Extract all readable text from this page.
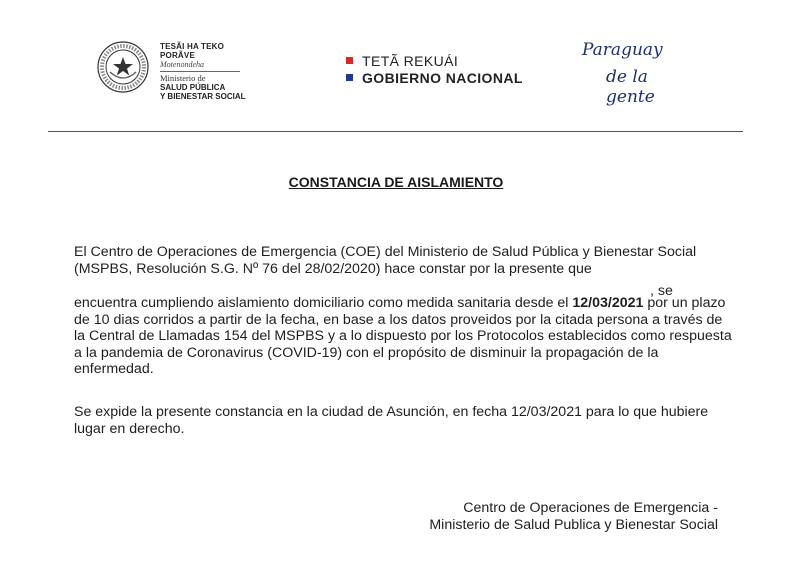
TESÃI HA TEKO
PORÃVE
Motenondeha
Ministerio de
SALUD PÚBLICA
Y BIENESTAR SOCIAL
TETÃ REKUÁI
GOBIERNO NACIONAL
Paraguay
de la gente
CONSTANCIA DE AISLAMIENTO
El Centro de Operaciones de Emergencia (COE) del Ministerio de Salud Pública y Bienestar Social (MSPBS, Resolución S.G. Nº 76 del 28/02/2020) hace constar por la presente que
, se
encuentra cumpliendo aislamiento domiciliario como medida sanitaria desde el 12/03/2021 por un plazo de 10 dias corridos a partir de la fecha, en base a los datos proveidos por la citada persona a través de la Central de Llamadas 154 del MSPBS y a lo dispuesto por los Protocolos establecidos como respuesta a la pandemia de Coronavirus (COVID-19) con el propósito de disminuir la propagación de la enfermedad.
Se expide la presente constancia en la ciudad de Asunción, en fecha 12/03/2021 para lo que hubiere lugar en derecho.
Centro de Operaciones de Emergencia -
Ministerio de Salud Publica y Bienestar Social
